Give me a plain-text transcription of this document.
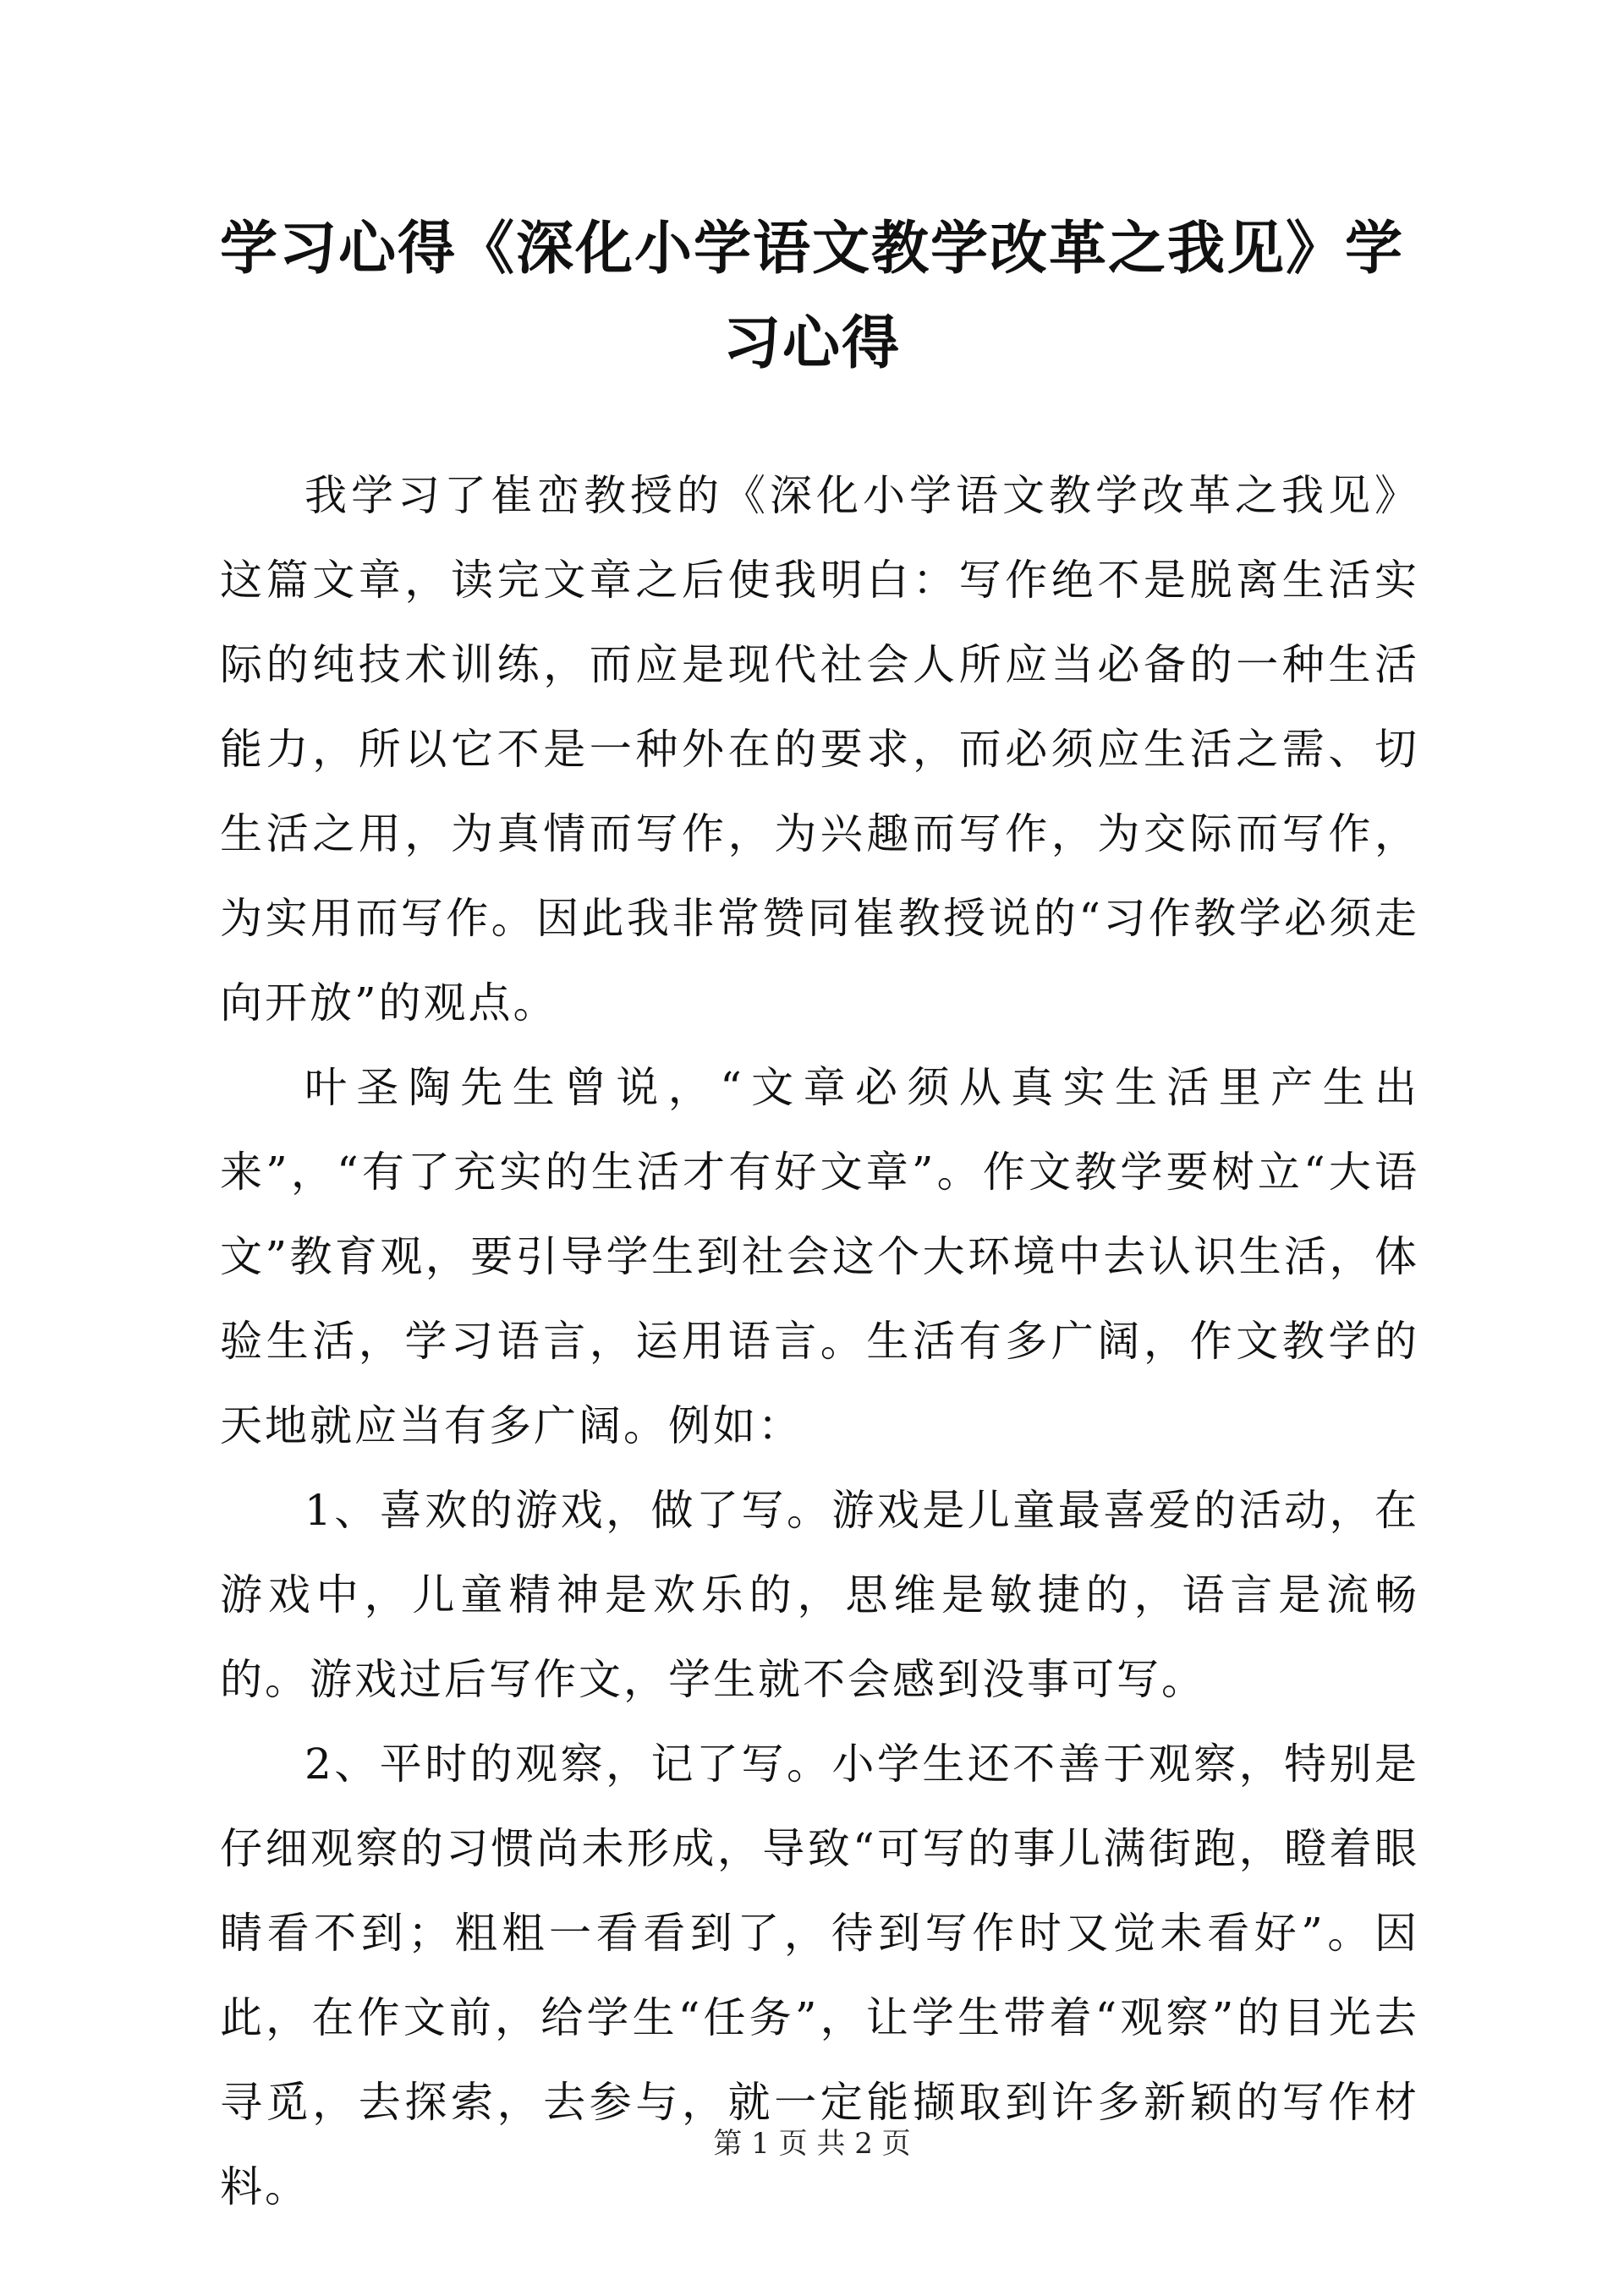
学习心得《深化小学语文教学改革之我见》学习心得

我学习了崔峦教授的《深化小学语文教学改革之我见》这篇文章，读完文章之后使我明白：写作绝不是脱离生活实际的纯技术训练，而应是现代社会人所应当必备的一种生活能力，所以它不是一种外在的要求，而必须应生活之需、切生活之用，为真情而写作，为兴趣而写作，为交际而写作，为实用而写作。因此我非常赞同崔教授说的“习作教学必须走向开放”的观点。

叶圣陶先生曾说，“文章必须从真实生活里产生出来”，“有了充实的生活才有好文章”。作文教学要树立“大语文”教育观，要引导学生到社会这个大环境中去认识生活，体验生活，学习语言，运用语言。生活有多广阔，作文教学的天地就应当有多广阔。例如：

1、喜欢的游戏，做了写。游戏是儿童最喜爱的活动，在游戏中，儿童精神是欢乐的，思维是敏捷的，语言是流畅的。游戏过后写作文，学生就不会感到没事可写。

2、平时的观察，记了写。小学生还不善于观察，特别是仔细观察的习惯尚未形成，导致“可写的事儿满街跑，瞪着眼睛看不到；粗粗一看看到了，待到写作时又觉未看好”。因此，在作文前，给学生“任务”，让学生带着“观察”的目光去寻觅，去探索，去参与，就一定能撷取到许多新颖的写作材料。

第 1 页 共 2 页
